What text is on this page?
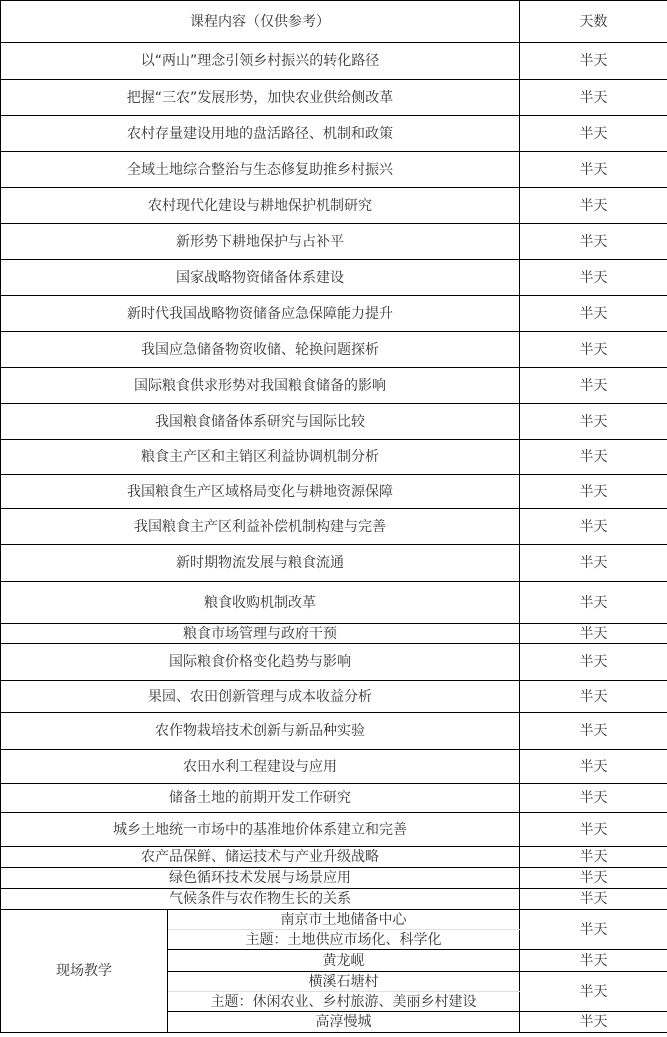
课程内容（仅供参考）		天数
以“两山”理念引领乡村振兴的转化路径		半天
把握“三农”发展形势，加快农业供给侧改革		半天
农村存量建设用地的盘活路径、机制和政策		半天
全域土地综合整治与生态修复助推乡村振兴		半天
农村现代化建设与耕地保护机制研究		半天
新形势下耕地保护与占补平		半天
国家战略物资储备体系建设		半天
新时代我国战略物资储备应急保障能力提升		半天
我国应急储备物资收储、轮换问题探析		半天
国际粮食供求形势对我国粮食储备的影响		半天
我国粮食储备体系研究与国际比较		半天
粮食主产区和主销区利益协调机制分析		半天
我国粮食生产区域格局变化与耕地资源保障		半天
我国粮食主产区利益补偿机制构建与完善		半天
新时期物流发展与粮食流通		半天
粮食收购机制改革		半天
粮食市场管理与政府干预		半天
国际粮食价格变化趋势与影响		半天
果园、农田创新管理与成本收益分析		半天
农作物栽培技术创新与新品种实验		半天
农田水利工程建设与应用		半天
储备土地的前期开发工作研究		半天
城乡土地统一市场中的基准地价体系建立和完善		半天
农产品保鲜、储运技术与产业升级战略		半天
绿色循环技术发展与场景应用		半天
气候条件与农作物生长的关系		半天
现场教学	南京市土地储备中心	半天
	主题：土地供应市场化、科学化	
	黄龙岘	半天
	横溪石塘村	半天
	主题：休闲农业、乡村旅游、美丽乡村建设	
	高淳慢城	半天
